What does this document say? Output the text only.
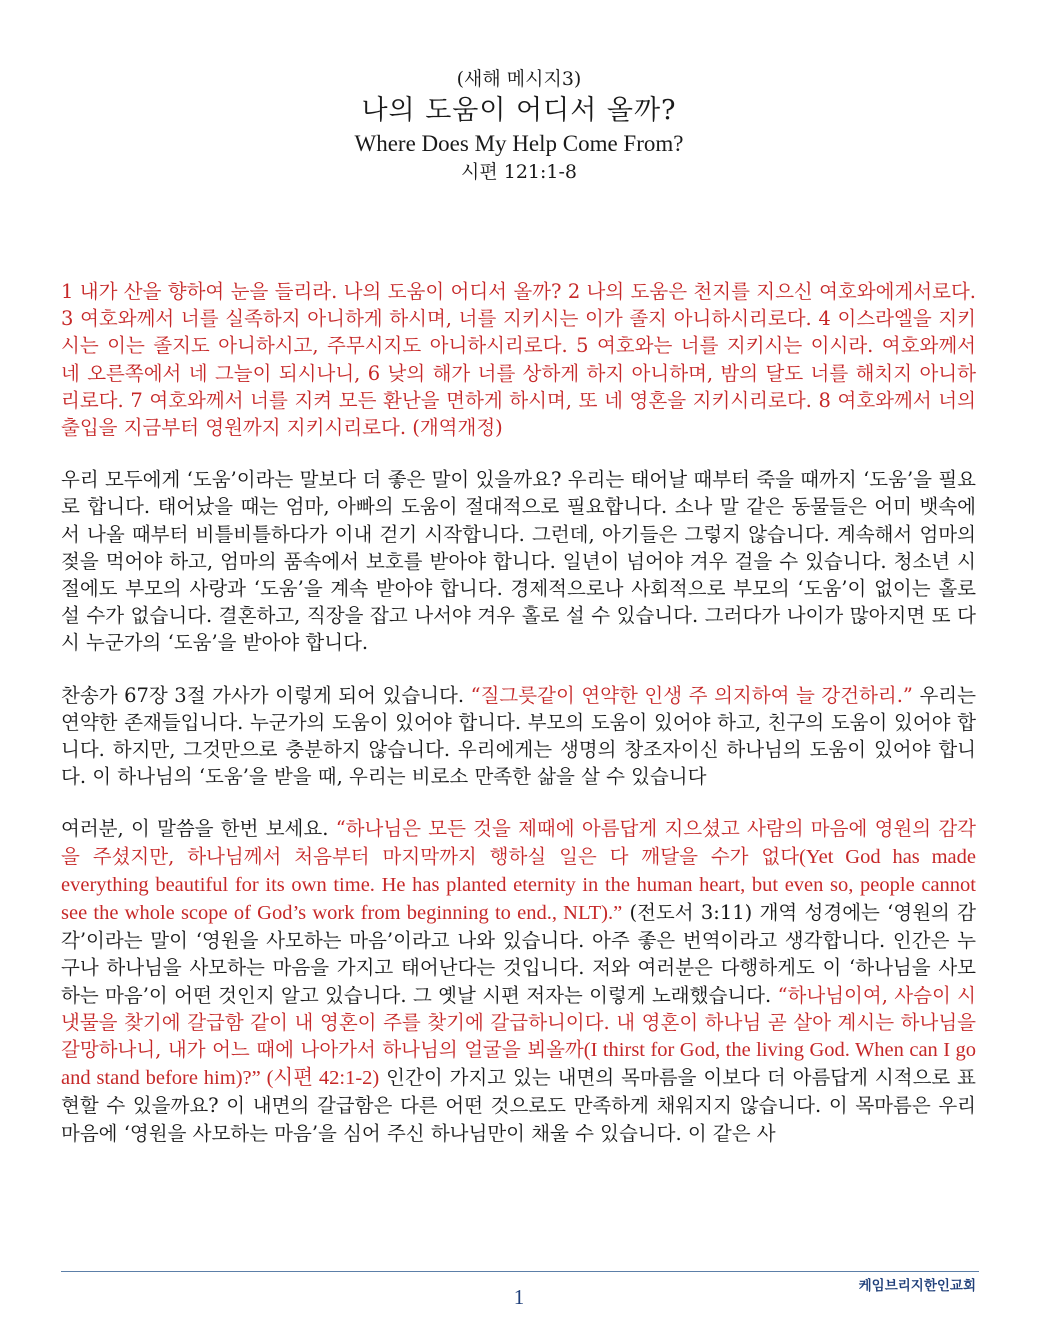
(새해 메시지3)
나의 도움이 어디서 올까?
Where Does My Help Come From?
시편 121:1-8

1 내가 산을 향하여 눈을 들리라. 나의 도움이 어디서 올까? 2 나의 도움은 천지를 지으신 여호와에게서로다. 3 여호와께서 너를 실족하지 아니하게 하시며, 너를 지키시는 이가 졸지 아니하시리로다. 4 이스라엘을 지키시는 이는 졸지도 아니하시고, 주무시지도 아니하시리로다. 5 여호와는 너를 지키시는 이시라. 여호와께서 네 오른쪽에서 네 그늘이 되시나니, 6 낮의 해가 너를 상하게 하지 아니하며, 밤의 달도 너를 해치지 아니하리로다. 7 여호와께서 너를 지켜 모든 환난을 면하게 하시며, 또 네 영혼을 지키시리로다. 8 여호와께서 너의 출입을 지금부터 영원까지 지키시리로다. (개역개정)

우리 모두에게 ‘도움’이라는 말보다 더 좋은 말이 있을까요? 우리는 태어날 때부터 죽을 때까지 ‘도움’을 필요로 합니다. 태어났을 때는 엄마, 아빠의 도움이 절대적으로 필요합니다. 소나 말 같은 동물들은 어미 뱃속에서 나올 때부터 비틀비틀하다가 이내 걷기 시작합니다. 그런데, 아기들은 그렇지 않습니다. 계속해서 엄마의 젖을 먹어야 하고, 엄마의 품속에서 보호를 받아야 합니다. 일년이 넘어야 겨우 걸을 수 있습니다. 청소년 시절에도 부모의 사랑과 ‘도움’을 계속 받아야 합니다. 경제적으로나 사회적으로 부모의 ‘도움’이 없이는 홀로 설 수가 없습니다. 결혼하고, 직장을 잡고 나서야 겨우 홀로 설 수 있습니다. 그러다가 나이가 많아지면 또 다시 누군가의 ‘도움’을 받아야 합니다.

찬송가 67장 3절 가사가 이렇게 되어 있습니다. “질그릇같이 연약한 인생 주 의지하여 늘 강건하리.” 우리는 연약한 존재들입니다. 누군가의 도움이 있어야 합니다. 부모의 도움이 있어야 하고, 친구의 도움이 있어야 합니다. 하지만, 그것만으로 충분하지 않습니다. 우리에게는 생명의 창조자이신 하나님의 도움이 있어야 합니다. 이 하나님의 ‘도움’을 받을 때, 우리는 비로소 만족한 삶을 살 수 있습니다

여러분, 이 말씀을 한번 보세요. “하나님은 모든 것을 제때에 아름답게 지으셨고 사람의 마음에 영원의 감각을 주셨지만, 하나님께서 처음부터 마지막까지 행하실 일은 다 깨달을 수가 없다(Yet God has made everything beautiful for its own time. He has planted eternity in the human heart, but even so, people cannot see the whole scope of God’s work from beginning to end., NLT).” (전도서 3:11) 개역 성경에는 ‘영원의 감각’이라는 말이 ‘영원을 사모하는 마음’이라고 나와 있습니다. 아주 좋은 번역이라고 생각합니다. 인간은 누구나 하나님을 사모하는 마음을 가지고 태어난다는 것입니다. 저와 여러분은 다행하게도 이 ‘하나님을 사모하는 마음’이 어떤 것인지 알고 있습니다. 그 옛날 시편 저자는 이렇게 노래했습니다. “하나님이여, 사슴이 시냇물을 찾기에 갈급함 같이 내 영혼이 주를 찾기에 갈급하니이다. 내 영혼이 하나님 곧 살아 계시는 하나님을 갈망하나니, 내가 어느 때에 나아가서 하나님의 얼굴을 뵈올까(I thirst for God, the living God. When can I go and stand before him)?” (시편 42:1-2) 인간이 가지고 있는 내면의 목마름을 이보다 더 아름답게 시적으로 표현할 수 있을까요? 이 내면의 갈급함은 다른 어떤 것으로도 만족하게 채워지지 않습니다. 이 목마름은 우리 마음에 ‘영원을 사모하는 마음’을 심어 주신 하나님만이 채울 수 있습니다. 이 같은 사

1	케임브리지한인교회
